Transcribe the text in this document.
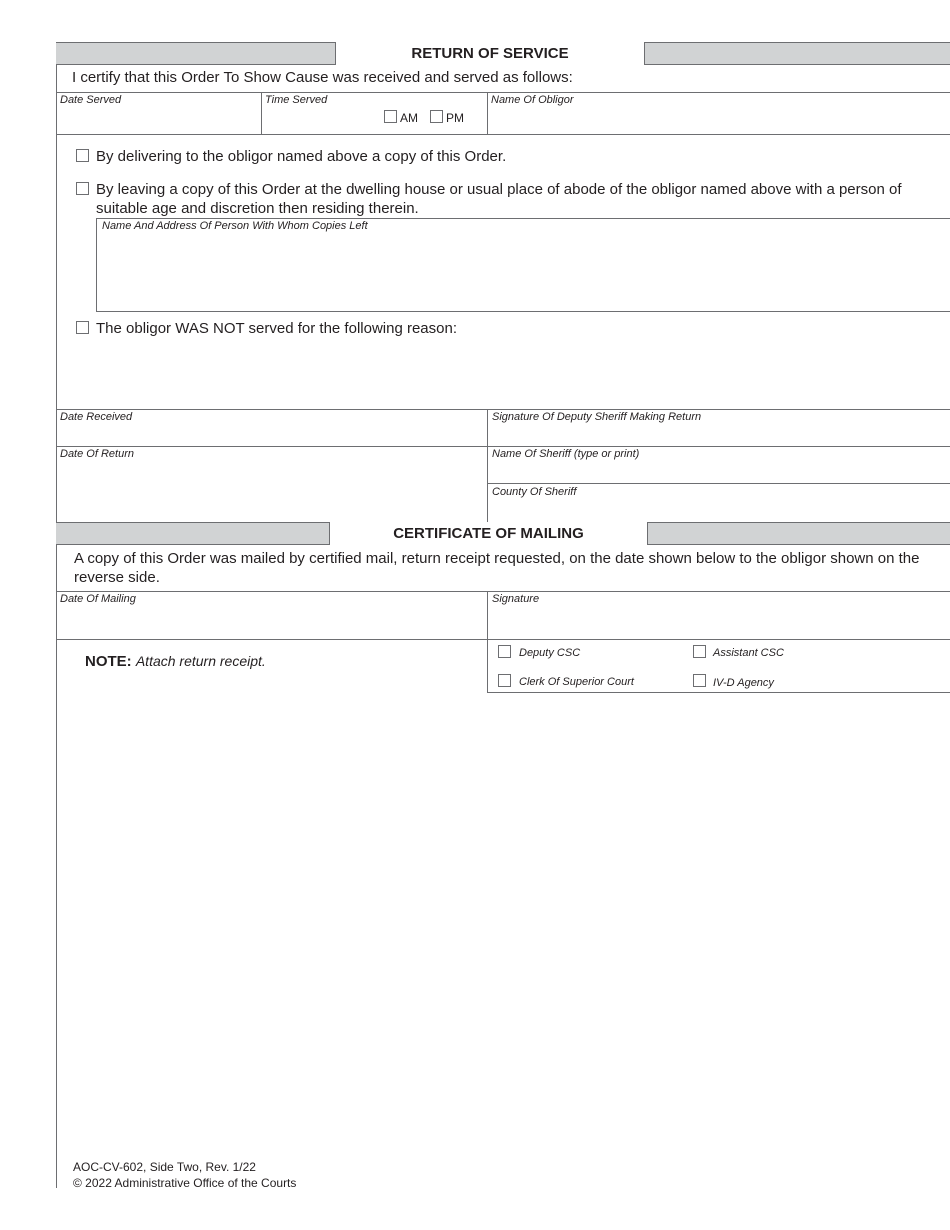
RETURN OF SERVICE
I certify that this Order To Show Cause was received and served as follows:
Date Served	Time Served	Name Of Obligor
AM PM
By delivering to the obligor named above a copy of this Order.
By leaving a copy of this Order at the dwelling house or usual place of abode of the obligor named above with a person of suitable age and discretion then residing therein.
Name And Address Of Person With Whom Copies Left
The obligor WAS NOT served for the following reason:
Date Received	Signature Of Deputy Sheriff Making Return
Date Of Return	Name Of Sheriff (type or print)
County Of Sheriff
CERTIFICATE OF MAILING
A copy of this Order was mailed by certified mail, return receipt requested, on the date shown below to the obligor shown on the reverse side.
Date Of Mailing	Signature
NOTE: Attach return receipt.	Deputy CSC	Assistant CSC
Clerk Of Superior Court	IV-D Agency
AOC-CV-602, Side Two, Rev. 1/22
© 2022 Administrative Office of the Courts
